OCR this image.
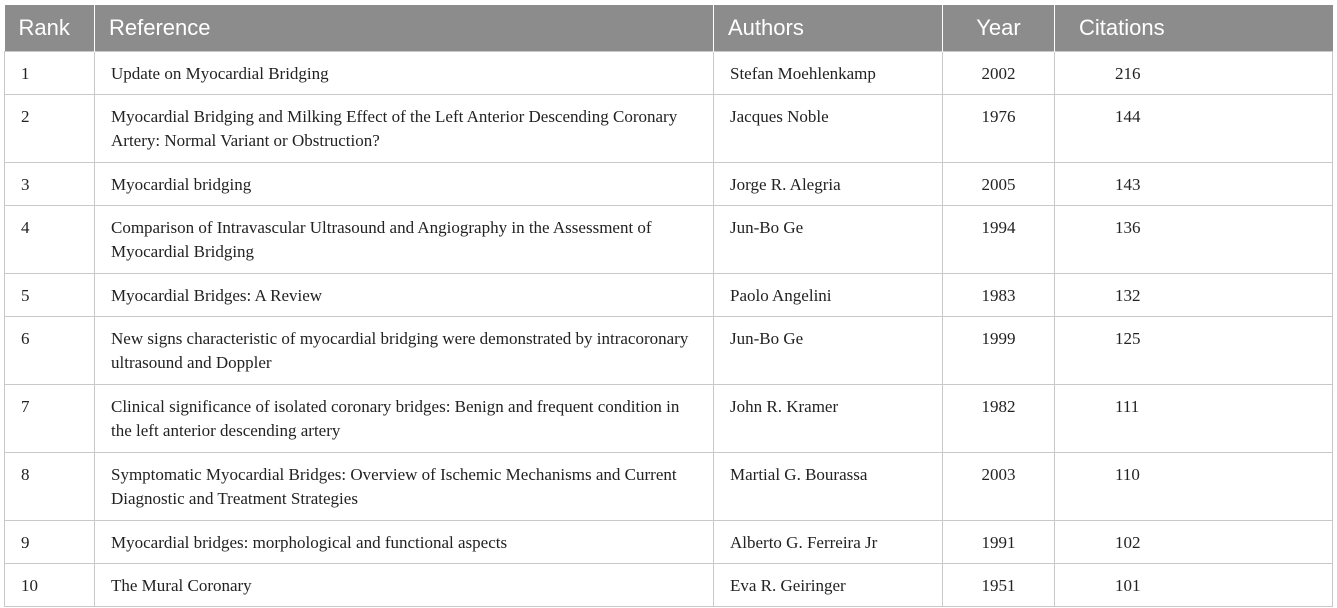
Rank	Reference	Authors	Year	Citations
1	Update on Myocardial Bridging	Stefan Moehlenkamp	2002	216
2	Myocardial Bridging and Milking Effect of the Left Anterior Descending Coronary Artery: Normal Variant or Obstruction?	Jacques Noble	1976	144
3	Myocardial bridging	Jorge R. Alegria	2005	143
4	Comparison of Intravascular Ultrasound and Angiography in the Assessment of Myocardial Bridging	Jun-Bo Ge	1994	136
5	Myocardial Bridges: A Review	Paolo Angelini	1983	132
6	New signs characteristic of myocardial bridging were demonstrated by intracoronary ultrasound and Doppler	Jun-Bo Ge	1999	125
7	Clinical significance of isolated coronary bridges: Benign and frequent condition in the left anterior descending artery	John R. Kramer	1982	111
8	Symptomatic Myocardial Bridges: Overview of Ischemic Mechanisms and Current Diagnostic and Treatment Strategies	Martial G. Bourassa	2003	110
9	Myocardial bridges: morphological and functional aspects	Alberto G. Ferreira Jr	1991	102
10	The Mural Coronary	Eva R. Geiringer	1951	101
